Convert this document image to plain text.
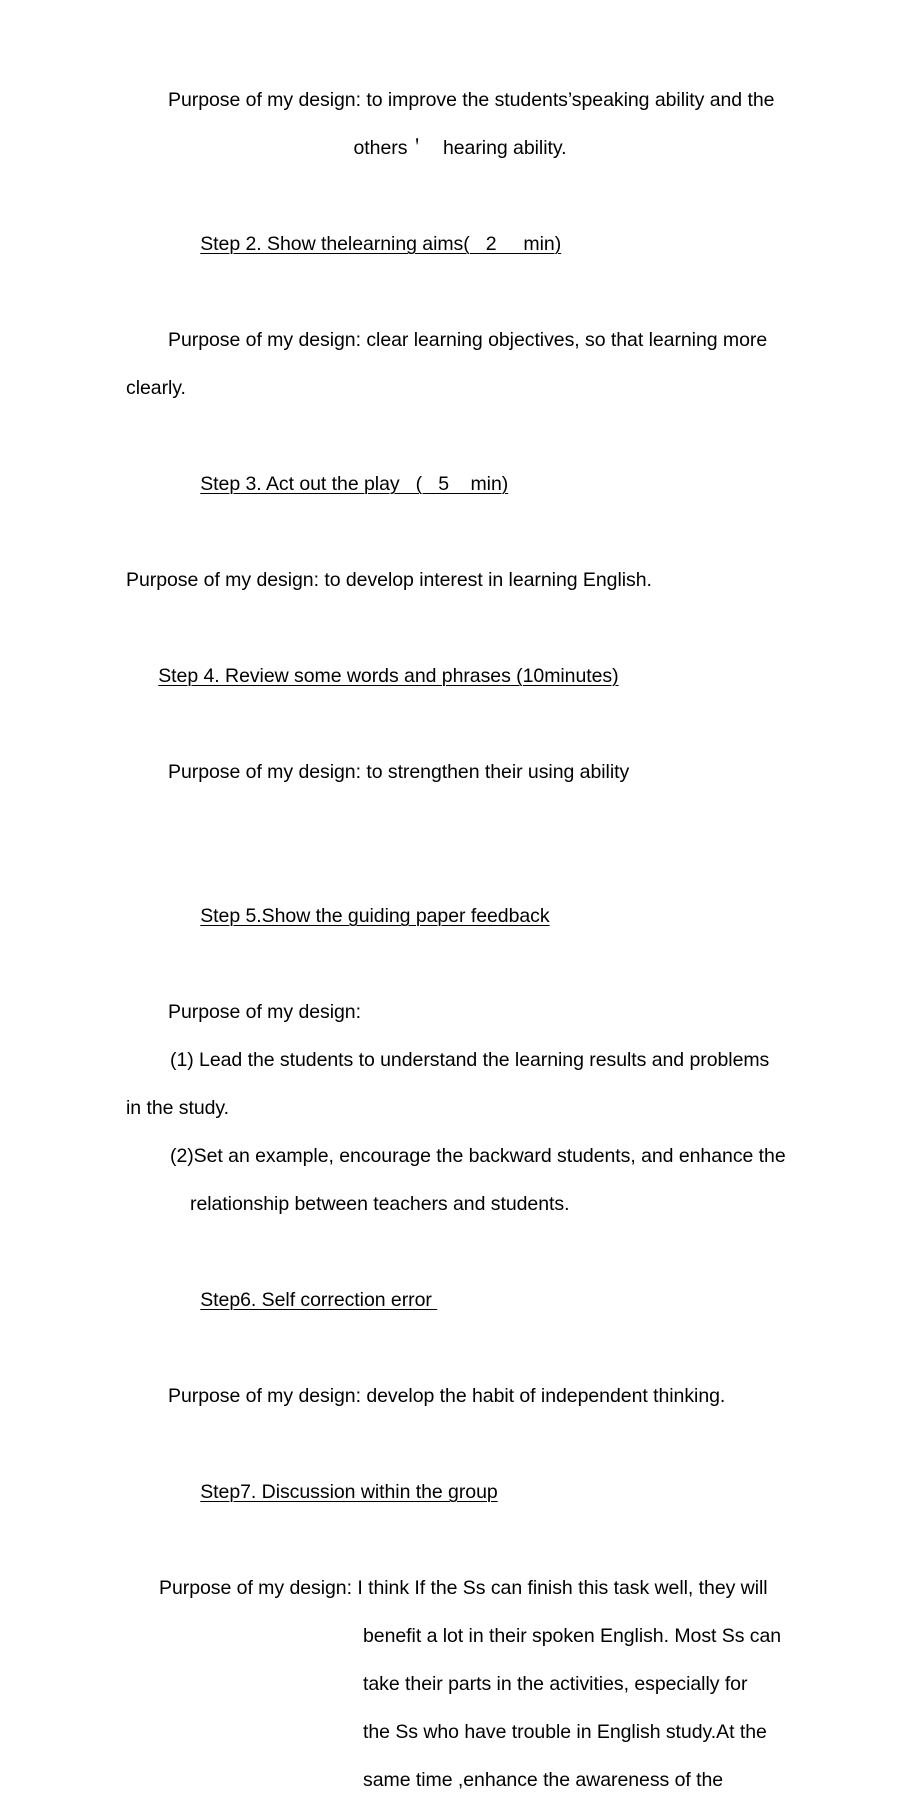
Purpose of my design: to improve the students’speaking ability and the
others＇   hearing ability.

Step 2. Show thelearning aims(   2     min)

Purpose of my design: clear learning objectives, so that learning more
clearly.

Step 3. Act out the play   (   5    min)

Purpose of my design: to develop interest in learning English.

Step 4. Review some words and phrases (10minutes)

Purpose of my design: to strengthen their using ability

Step 5.Show the guiding paper feedback

Purpose of my design:
(1) Lead the students to understand the learning results and problems
in the study.
(2)Set an example, encourage the backward students, and enhance the
relationship between teachers and students.

Step6. Self correction error

Purpose of my design: develop the habit of independent thinking.

Step7. Discussion within the group

Purpose of my design: I think If the Ss can finish this task well, they will
benefit a lot in their spoken English. Most Ss can
take their parts in the activities, especially for
the Ss who have trouble in English study.At the
same time ,enhance the awareness of the
